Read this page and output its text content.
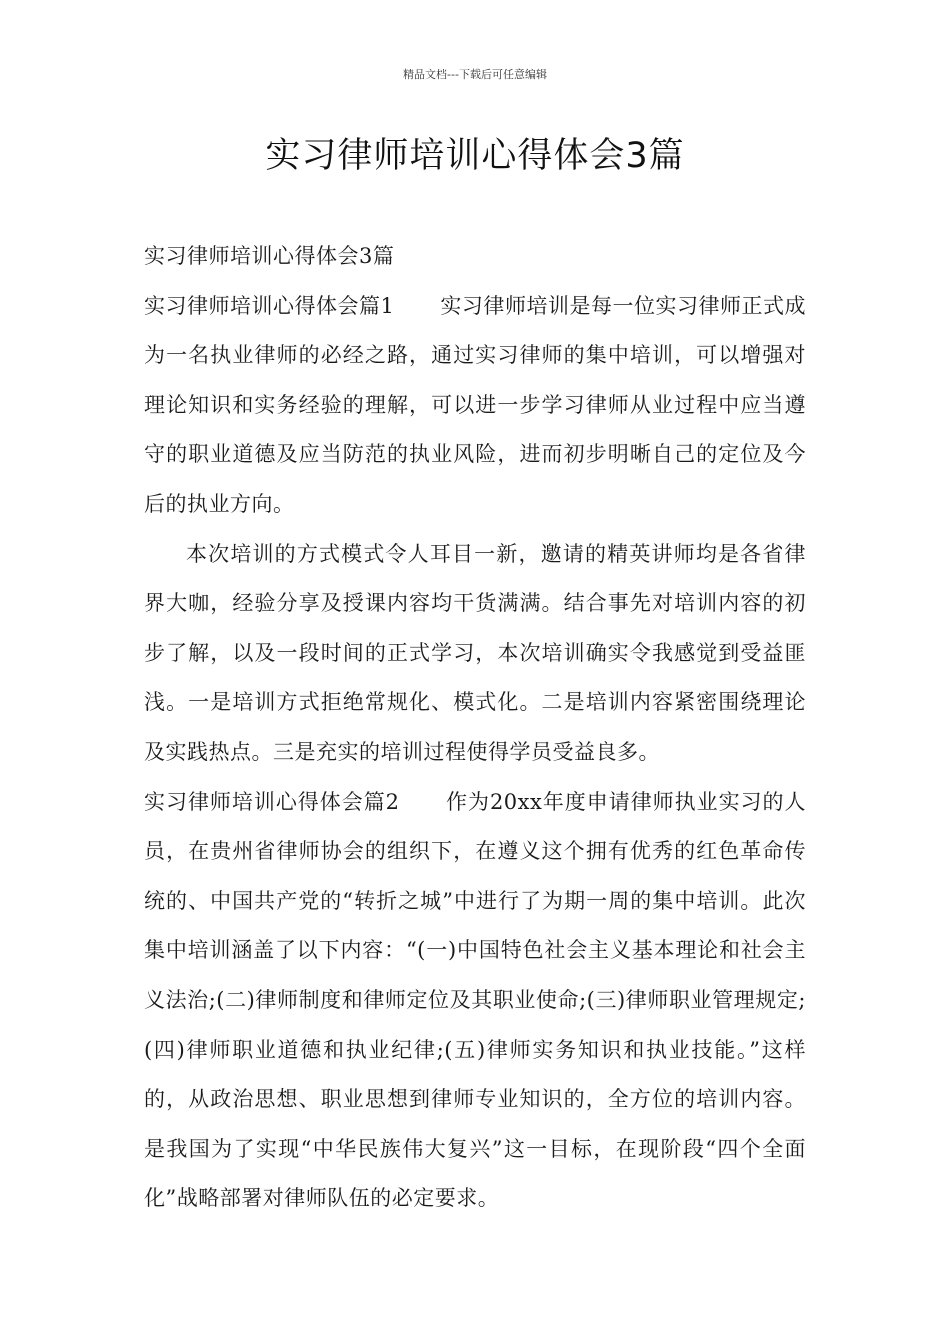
精品文档---下载后可任意编辑
实习律师培训心得体会3篇

实习律师培训心得体会3篇

实习律师培训心得体会篇1 实习律师培训是每一位实习律师正式成为一名执业律师的必经之路，通过实习律师的集中培训，可以增强对理论知识和实务经验的理解，可以进一步学习律师从业过程中应当遵守的职业道德及应当防范的执业风险，进而初步明晰自己的定位及今后的执业方向。

本次培训的方式模式令人耳目一新，邀请的精英讲师均是各省律界大咖，经验分享及授课内容均干货满满。结合事先对培训内容的初步了解，以及一段时间的正式学习，本次培训确实令我感觉到受益匪浅。一是培训方式拒绝常规化、模式化。二是培训内容紧密围绕理论及实践热点。三是充实的培训过程使得学员受益良多。

实习律师培训心得体会篇2 作为20xx年度申请律师执业实习的人员，在贵州省律师协会的组织下，在遵义这个拥有优秀的红色革命传统的、中国共产党的“转折之城”中进行了为期一周的集中培训。此次集中培训涵盖了以下内容：“(一)中国特色社会主义基本理论和社会主义法治;(二)律师制度和律师定位及其职业使命;(三)律师职业管理规定;(四)律师职业道德和执业纪律;(五)律师实务知识和执业技能。”这样的，从政治思想、职业思想到律师专业知识的，全方位的培训内容。是我国为了实现“中华民族伟大复兴”这一目标，在现阶段“四个全面化”战略部署对律师队伍的必定要求。
